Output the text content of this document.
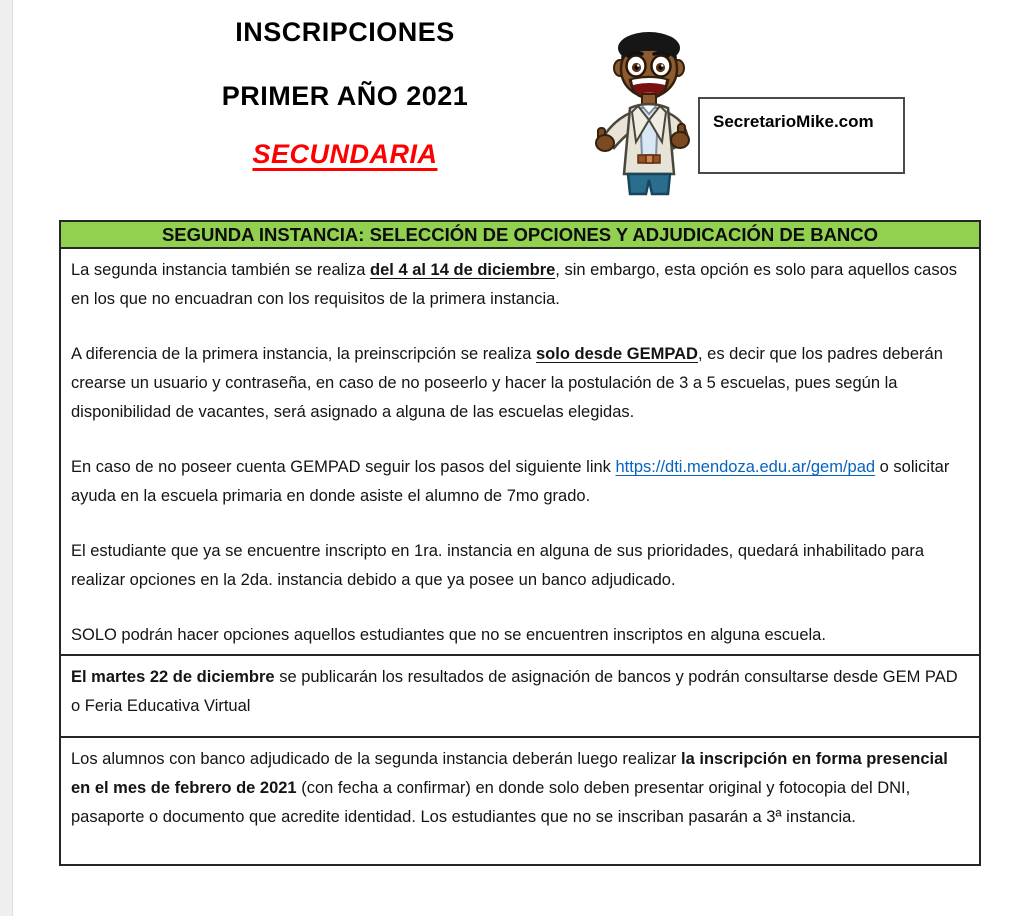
INSCRIPCIONES
PRIMER AÑO 2021
SECUNDARIA
SecretarioMike.com
SEGUNDA INSTANCIA: SELECCIÓN DE OPCIONES Y ADJUDICACIÓN DE BANCO

La segunda instancia también se realiza del 4 al 14 de diciembre, sin embargo, esta opción es solo para aquellos casos en los que no encuadran con los requisitos de la primera instancia.

A diferencia de la primera instancia, la preinscripción se realiza solo desde GEMPAD, es decir que los padres deberán crearse un usuario y contraseña, en caso de no poseerlo y hacer la postulación de 3 a 5 escuelas, pues según la disponibilidad de vacantes, será asignado a alguna de las escuelas elegidas.

En caso de no poseer cuenta GEMPAD seguir los pasos del siguiente link https://dti.mendoza.edu.ar/gem/pad o solicitar ayuda en la escuela primaria en donde asiste el alumno de 7mo grado.

El estudiante que ya se encuentre inscripto en 1ra. instancia en alguna de sus prioridades, quedará inhabilitado para realizar opciones en la 2da. instancia debido a que ya posee un banco adjudicado.

SOLO podrán hacer opciones aquellos estudiantes que no se encuentren inscriptos en alguna escuela.

El martes 22 de diciembre se publicarán los resultados de asignación de bancos y podrán consultarse desde GEM PAD o Feria Educativa Virtual

Los alumnos con banco adjudicado de la segunda instancia deberán luego realizar la inscripción en forma presencial en el mes de febrero de 2021 (con fecha a confirmar) en donde solo deben presentar original y fotocopia del DNI, pasaporte o documento que acredite identidad. Los estudiantes que no se inscriban pasarán a 3ª instancia.
